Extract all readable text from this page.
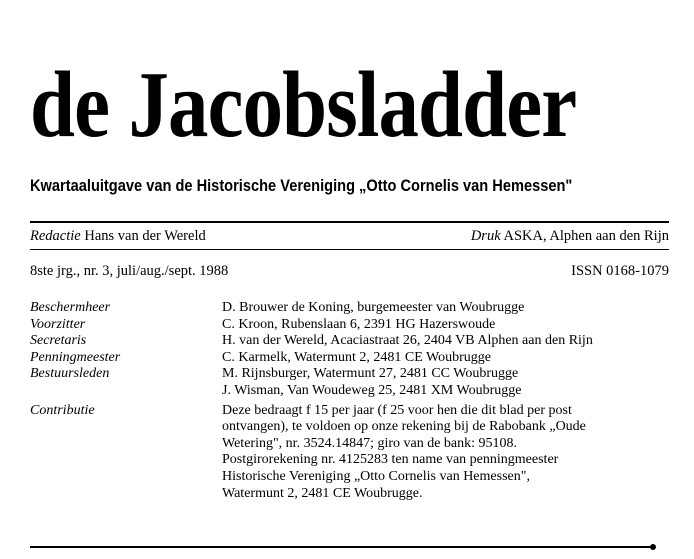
de Jacobsladder
Kwartaaluitgave van de Historische Vereniging „Otto Cornelis van Hemessen"
Redactie Hans van der Wereld	Druk ASKA, Alphen aan den Rijn
8ste jrg., nr. 3, juli/aug./sept. 1988	ISSN 0168-1079
Beschermheer	D. Brouwer de Koning, burgemeester van Woubrugge
Voorzitter	C. Kroon, Rubenslaan 6, 2391 HG Hazerswoude
Secretaris	H. van der Wereld, Acaciastraat 26, 2404 VB Alphen aan den Rijn
Penningmeester	C. Karmelk, Watermunt 2, 2481 CE Woubrugge
Bestuursleden	M. Rijnsburger, Watermunt 27, 2481 CC Woubrugge
J. Wisman, Van Woudeweg 25, 2481 XM Woubrugge
Contributie	Deze bedraagt f 15 per jaar (f 25 voor hen die dit blad per post
ontvangen), te voldoen op onze rekening bij de Rabobank „Oude
Wetering", nr. 3524.14847; giro van de bank: 95108.
Postgirorekening nr. 4125283 ten name van penningmeester
Historische Vereniging „Otto Cornelis van Hemessen",
Watermunt 2, 2481 CE Woubrugge.
